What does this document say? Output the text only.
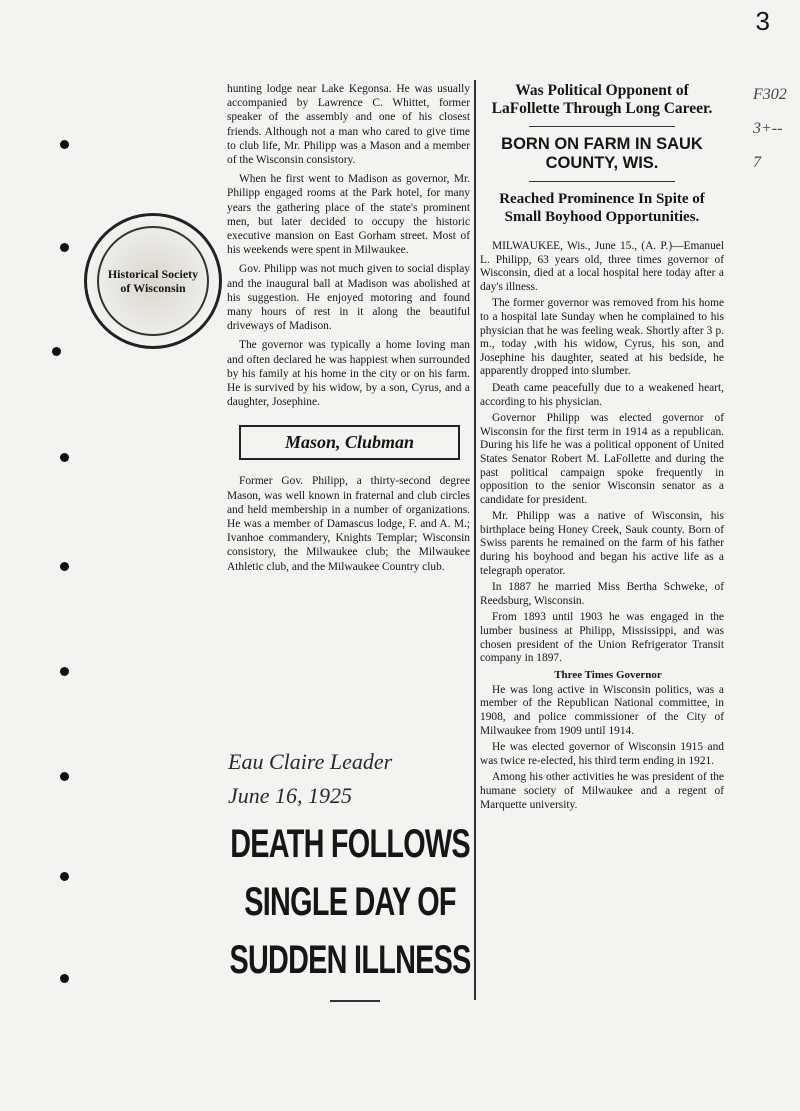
3
F302
3+--
7
Historical Society of Wisconsin

hunting lodge near Lake Kegonsa. He was usually accompanied by Lawrence C. Whittet, former speaker of the assembly and one of his closest friends. Although not a man who cared to give time to club life, Mr. Philipp was a Mason and a member of the Wisconsin consistory.

When he first went to Madison as governor, Mr. Philipp engaged rooms at the Park hotel, for many years the gathering place of the state's prominent men, but later decided to occupy the historic executive mansion on East Gorham street. Most of his weekends were spent in Milwaukee.

Gov. Philipp was not much given to social display and the inaugural ball at Madison was abolished at his suggestion. He enjoyed motoring and found many hours of rest in it along the beautiful driveways of Madison.

The governor was typically a home loving man and often declared he was happiest when surrounded by his family at his home in the city or on his farm. He is survived by his widow, by a son, Cyrus, and a daughter, Josephine.

Mason, Clubman

Former Gov. Philipp, a thirty-second degree Mason, was well known in fraternal and club circles and held membership in a number of organizations. He was a member of Damascus lodge, F. and A. M.; Ivanhoe commandery, Knights Templar; Wisconsin consistory, the Milwaukee club; the Milwaukee Athletic club, and the Milwaukee Country club.

Was Political Opponent of LaFollette Through Long Career.

BORN ON FARM IN SAUK COUNTY, WIS.

Reached Prominence In Spite of Small Boyhood Opportunities.

MILWAUKEE, Wis., June 15., (A. P.)—Emanuel L. Philipp, 63 years old, three times governor of Wisconsin, died at a local hospital here today after a day's illness.

The former governor was removed from his home to a hospital late Sunday when he complained to his physician that he was feeling weak. Shortly after 3 p. m., today ,with his widow, Cyrus, his son, and Josephine his daughter, seated at his bedside, he apparently dropped into slumber.

Death came peacefully due to a weakened heart, according to his physician.

Governor Philipp was elected governor of Wisconsin for the first term in 1914 as a republican. During his life he was a political opponent of United States Senator Robert M. LaFollette and during the past political campaign spoke frequently in opposition to the senior Wisconsin senator as a candidate for president.

Mr. Philipp was a native of Wisconsin, his birthplace being Honey Creek, Sauk county. Born of Swiss parents he remained on the farm of his father during his boyhood and began his active life as a telegraph operator.

In 1887 he married Miss Bertha Schweke, of Reedsburg, Wisconsin.

From 1893 until 1903 he was engaged in the lumber business at Philipp, Mississippi, and was chosen president of the Union Refrigerator Transit company in 1897.

Three Times Governor

He was long active in Wisconsin politics, was a member of the Republican National committee, in 1908, and police commissioner of the City of Milwaukee from 1909 until 1914.

He was elected governor of Wisconsin 1915 and was twice re-elected, his third term ending in 1921.

Among his other activities he was president of the humane society of Milwaukee and a regent of Marquette university.

Eau Claire Leader
June 16, 1925
DEATH FOLLOWS
SINGLE DAY OF
SUDDEN ILLNESS
